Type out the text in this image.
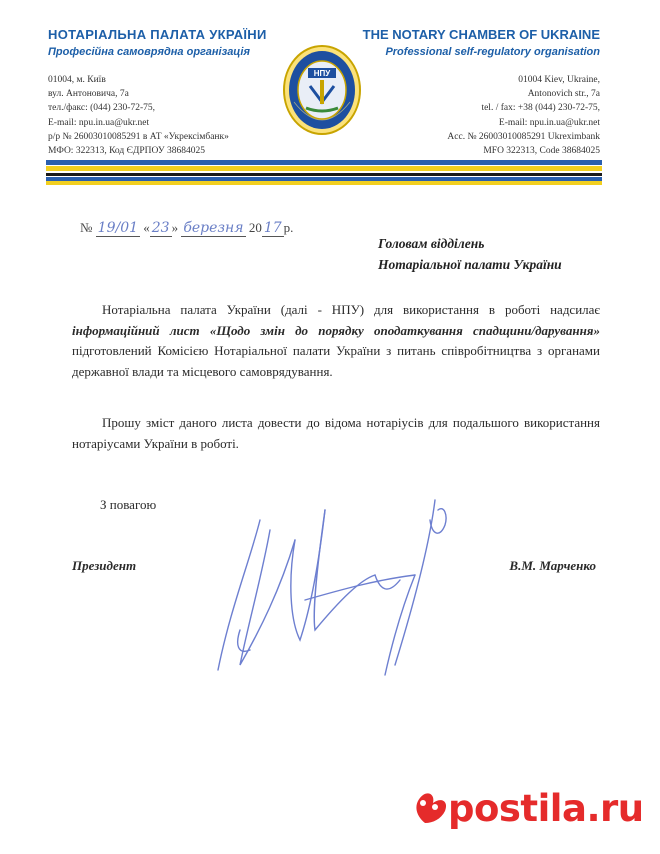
НОТАРІАЛЬНА ПАЛАТА УКРАЇНИ
Професійна самоврядна організація
THE NOTARY CHAMBER OF UKRAINE
Professional self-regulatory organisation
НПУ
01004, м. Київ
вул. Антоновича, 7а
тел./факс: (044) 230-72-75,
E-mail: npu.in.ua@ukr.net
р/р № 26003010085291 в АТ «Укрексімбанк»
МФО: 322313, Код ЄДРПОУ 38684025
01004 Kiev, Ukraine,
Antonovich str., 7a
tel. / fax: +38 (044) 230-72-75,
E-mail: npu.in.ua@ukr.net
Acc. № 26003010085291 Ukreximbank
MFO 322313, Code 38684025
№ 19/01 « 23 » березня 20 17 р.
Головам відділень
Нотаріальної палати України
Нотаріальна палата України (далі - НПУ) для використання в роботі надсилає інформаційний лист «Щодо змін до порядку оподаткування спадщини/дарування» підготовлений Комісією Нотаріальної палати України з питань співробітництва з органами державної влади та місцевого самоврядування.
Прошу зміст даного листа довести до відома нотаріусів для подальшого використання нотаріусами України в роботі.
З повагою
Президент	В.М. Марченко
postila.ru
